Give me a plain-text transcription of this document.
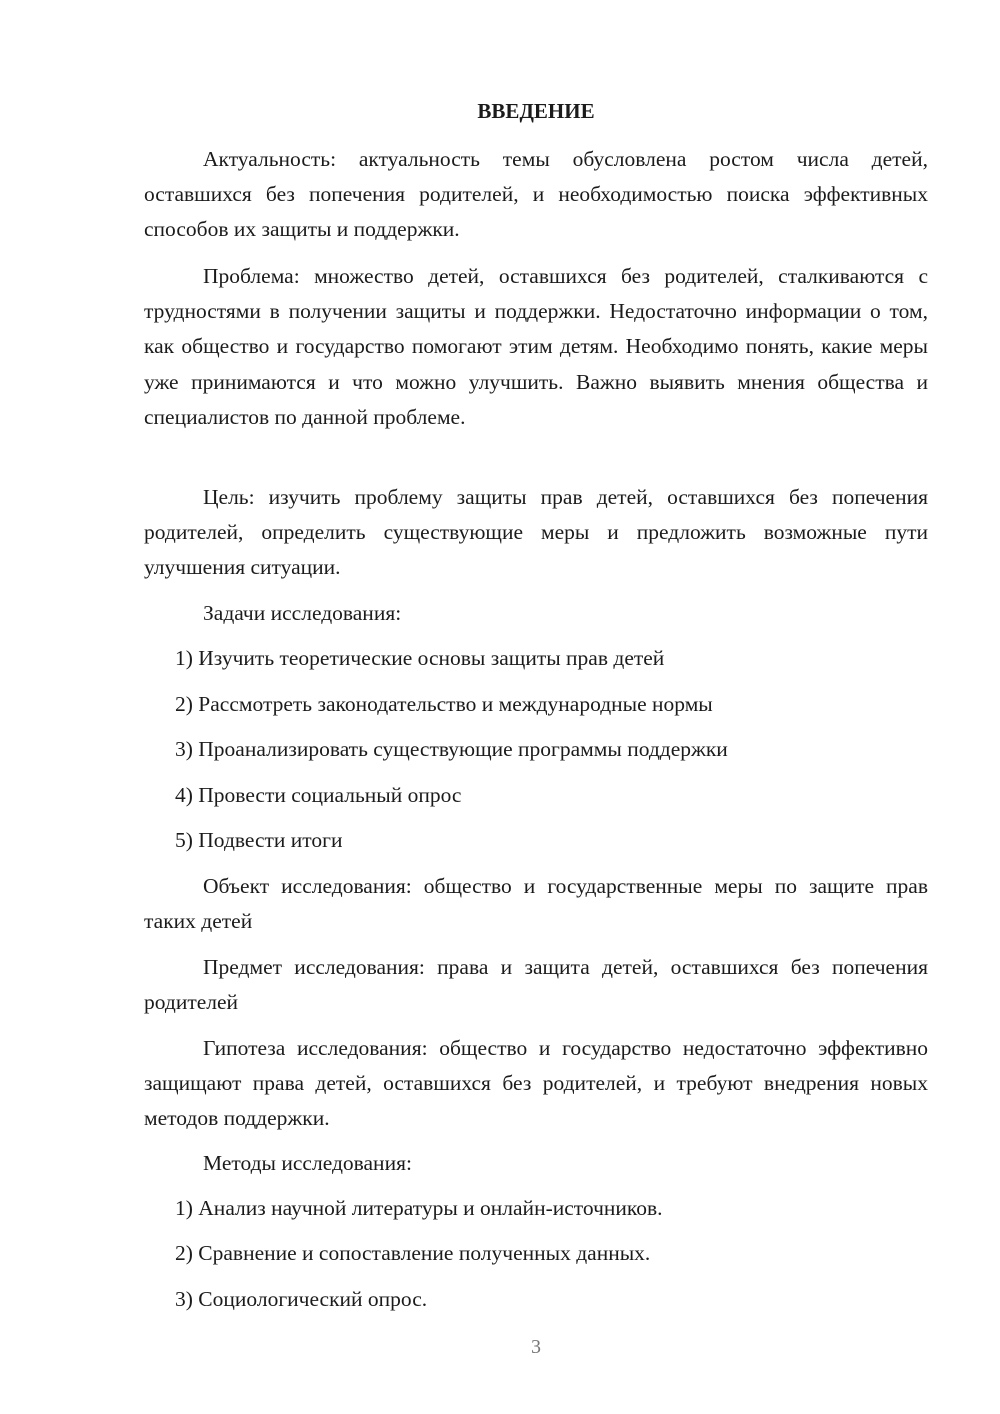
ВВЕДЕНИЕ

Актуальность: актуальность темы обусловлена ростом числа детей, оставшихся без попечения родителей, и необходимостью поиска эффективных способов их защиты и поддержки.

Проблема: множество детей, оставшихся без родителей, сталкиваются с трудностями в получении защиты и поддержки. Недостаточно информации о том, как общество и государство помогают этим детям. Необходимо понять, какие меры уже принимаются и что можно улучшить. Важно выявить мнения общества и специалистов по данной проблеме.

Цель: изучить проблему защиты прав детей, оставшихся без попечения родителей, определить существующие меры и предложить возможные пути улучшения ситуации.

Задачи исследования:

1) Изучить теоретические основы защиты прав детей

2) Рассмотреть законодательство и международные нормы

3) Проанализировать существующие программы поддержки

4) Провести социальный опрос

5) Подвести итоги

Объект исследования: общество и государственные меры по защите прав таких детей

Предмет исследования: права и защита детей, оставшихся без попечения родителей

Гипотеза исследования: общество и государство недостаточно эффективно защищают права детей, оставшихся без родителей, и требуют внедрения новых методов поддержки.

Методы исследования:

1) Анализ научной литературы и онлайн-источников.

2) Сравнение и сопоставление полученных данных.

3) Социологический опрос.

3
